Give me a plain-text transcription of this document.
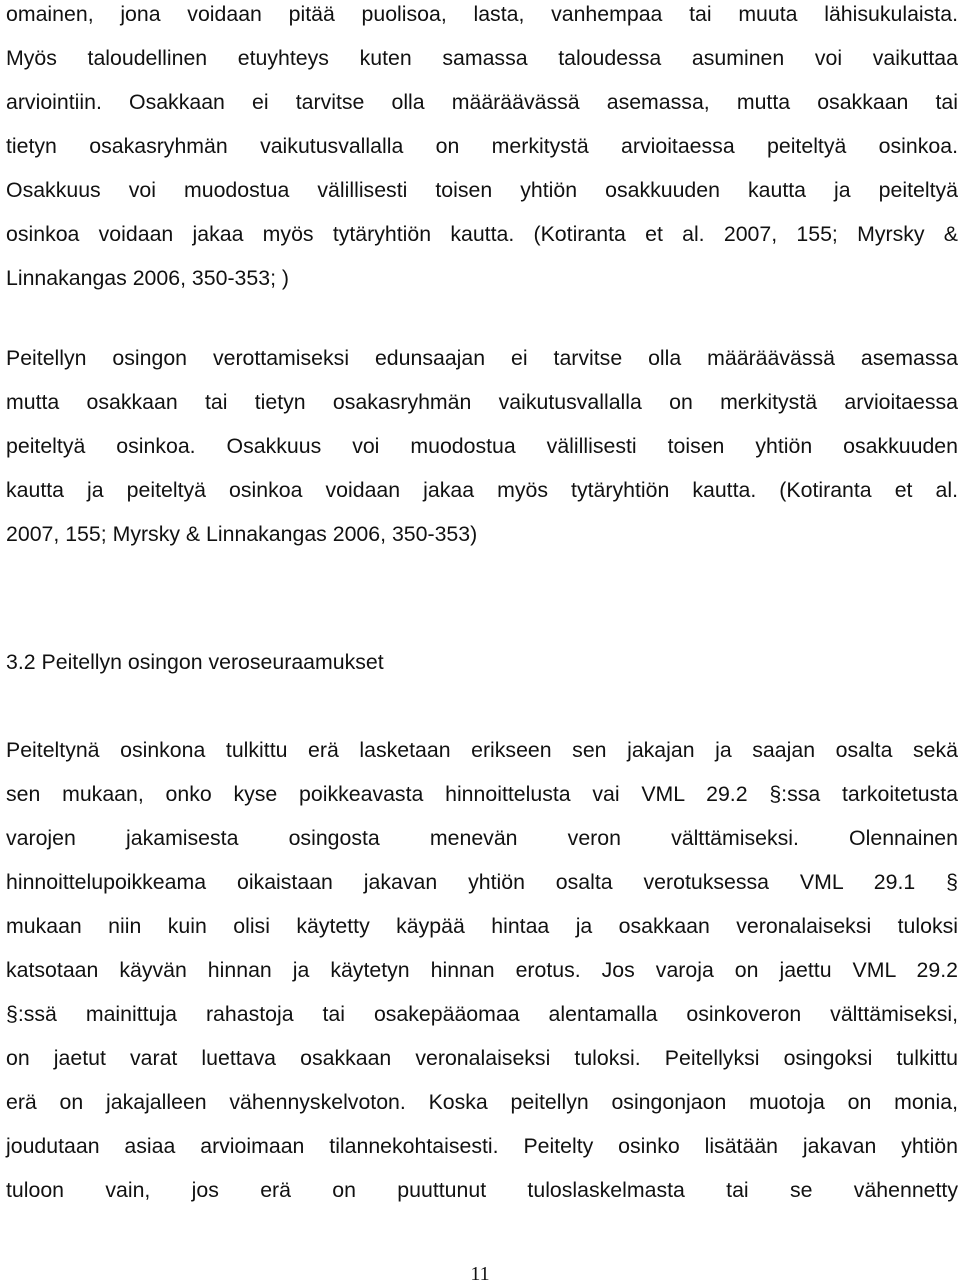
omainen, jona voidaan pitää puolisoa, lasta, vanhempaa tai muuta lähisukulaista.
Myös taloudellinen etuyhteys kuten samassa taloudessa asuminen voi vaikuttaa
arviointiin. Osakkaan ei tarvitse olla määräävässä asemassa, mutta osakkaan tai
tietyn osakasryhmän vaikutusvallalla on merkitystä arvioitaessa peiteltyä osinkoa.
Osakkuus voi muodostua välillisesti toisen yhtiön osakkuuden kautta ja peiteltyä
osinkoa voidaan jakaa myös tytäryhtiön kautta. (Kotiranta et al. 2007, 155; Myrsky &
Linnakangas 2006, 350-353; )
Peitellyn osingon verottamiseksi edunsaajan ei tarvitse olla määräävässä asemassa
mutta osakkaan tai tietyn osakasryhmän vaikutusvallalla on merkitystä arvioitaessa
peiteltyä osinkoa. Osakkuus voi muodostua välillisesti toisen yhtiön osakkuuden
kautta ja peiteltyä osinkoa voidaan jakaa myös tytäryhtiön kautta. (Kotiranta et al.
2007, 155; Myrsky & Linnakangas 2006, 350-353)
3.2 Peitellyn osingon veroseuraamukset
Peiteltynä osinkona tulkittu erä lasketaan erikseen sen jakajan ja saajan osalta sekä
sen mukaan, onko kyse poikkeavasta hinnoittelusta vai VML 29.2 §:ssa tarkoitetusta
varojen jakamisesta osingosta menevän veron välttämiseksi. Olennainen
hinnoittelupoikkeama oikaistaan jakavan yhtiön osalta verotuksessa VML 29.1 §
mukaan niin kuin olisi käytetty käypää hintaa ja osakkaan veronalaiseksi tuloksi
katsotaan käyvän hinnan ja käytetyn hinnan erotus. Jos varoja on jaettu VML 29.2
§:ssä mainittuja rahastoja tai osakepääomaa alentamalla osinkoveron välttämiseksi,
on jaetut varat luettava osakkaan veronalaiseksi tuloksi. Peitellyksi osingoksi tulkittu
erä on jakajalleen vähennyskelvoton. Koska peitellyn osingonjaon muotoja on monia,
joudutaan asiaa arvioimaan tilannekohtaisesti. Peitelty osinko lisätään jakavan yhtiön
tuloon vain, jos erä on puuttunut tuloslaskelmasta tai se vähennetty
11
